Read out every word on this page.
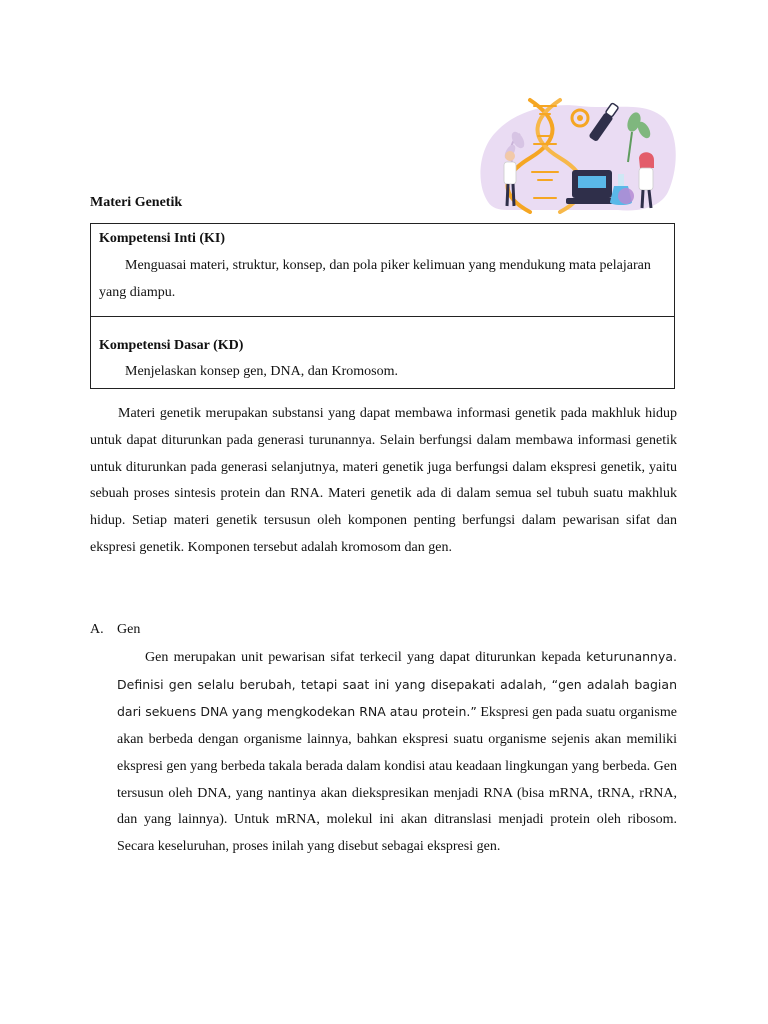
Materi Genetik

Kompetensi Inti (KI)

Menguasai materi, struktur, konsep, dan pola piker kelimuan yang mendukung mata pelajaran yang diampu.

Kompetensi Dasar (KD)

Menjelaskan konsep gen, DNA, dan Kromosom.

Materi genetik merupakan substansi yang dapat membawa informasi genetik pada makhluk hidup untuk dapat diturunkan pada generasi turunannya. Selain berfungsi dalam membawa informasi genetik untuk diturunkan pada generasi selanjutnya, materi genetik juga berfungsi dalam ekspresi genetik, yaitu sebuah proses sintesis protein dan RNA. Materi genetik ada di dalam semua sel tubuh suatu makhluk hidup. Setiap materi genetik tersusun oleh komponen penting berfungsi dalam pewarisan sifat dan ekspresi genetik. Komponen tersebut adalah kromosom dan gen.

A. Gen

Gen merupakan unit pewarisan sifat terkecil yang dapat diturunkan kepada keturunannya. Definisi gen selalu berubah, tetapi saat ini yang disepakati adalah, “gen adalah bagian dari sekuens DNA yang mengkodekan RNA atau protein.” Ekspresi gen pada suatu organisme akan berbeda dengan organisme lainnya, bahkan ekspresi suatu organisme sejenis akan memiliki ekspresi gen yang berbeda takala berada dalam kondisi atau keadaan lingkungan yang berbeda. Gen tersusun oleh DNA, yang nantinya akan diekspresikan menjadi RNA (bisa mRNA, tRNA, rRNA, dan yang lainnya). Untuk mRNA, molekul ini akan ditranslasi menjadi protein oleh ribosom. Secara keseluruhan, proses inilah yang disebut sebagai ekspresi gen.
